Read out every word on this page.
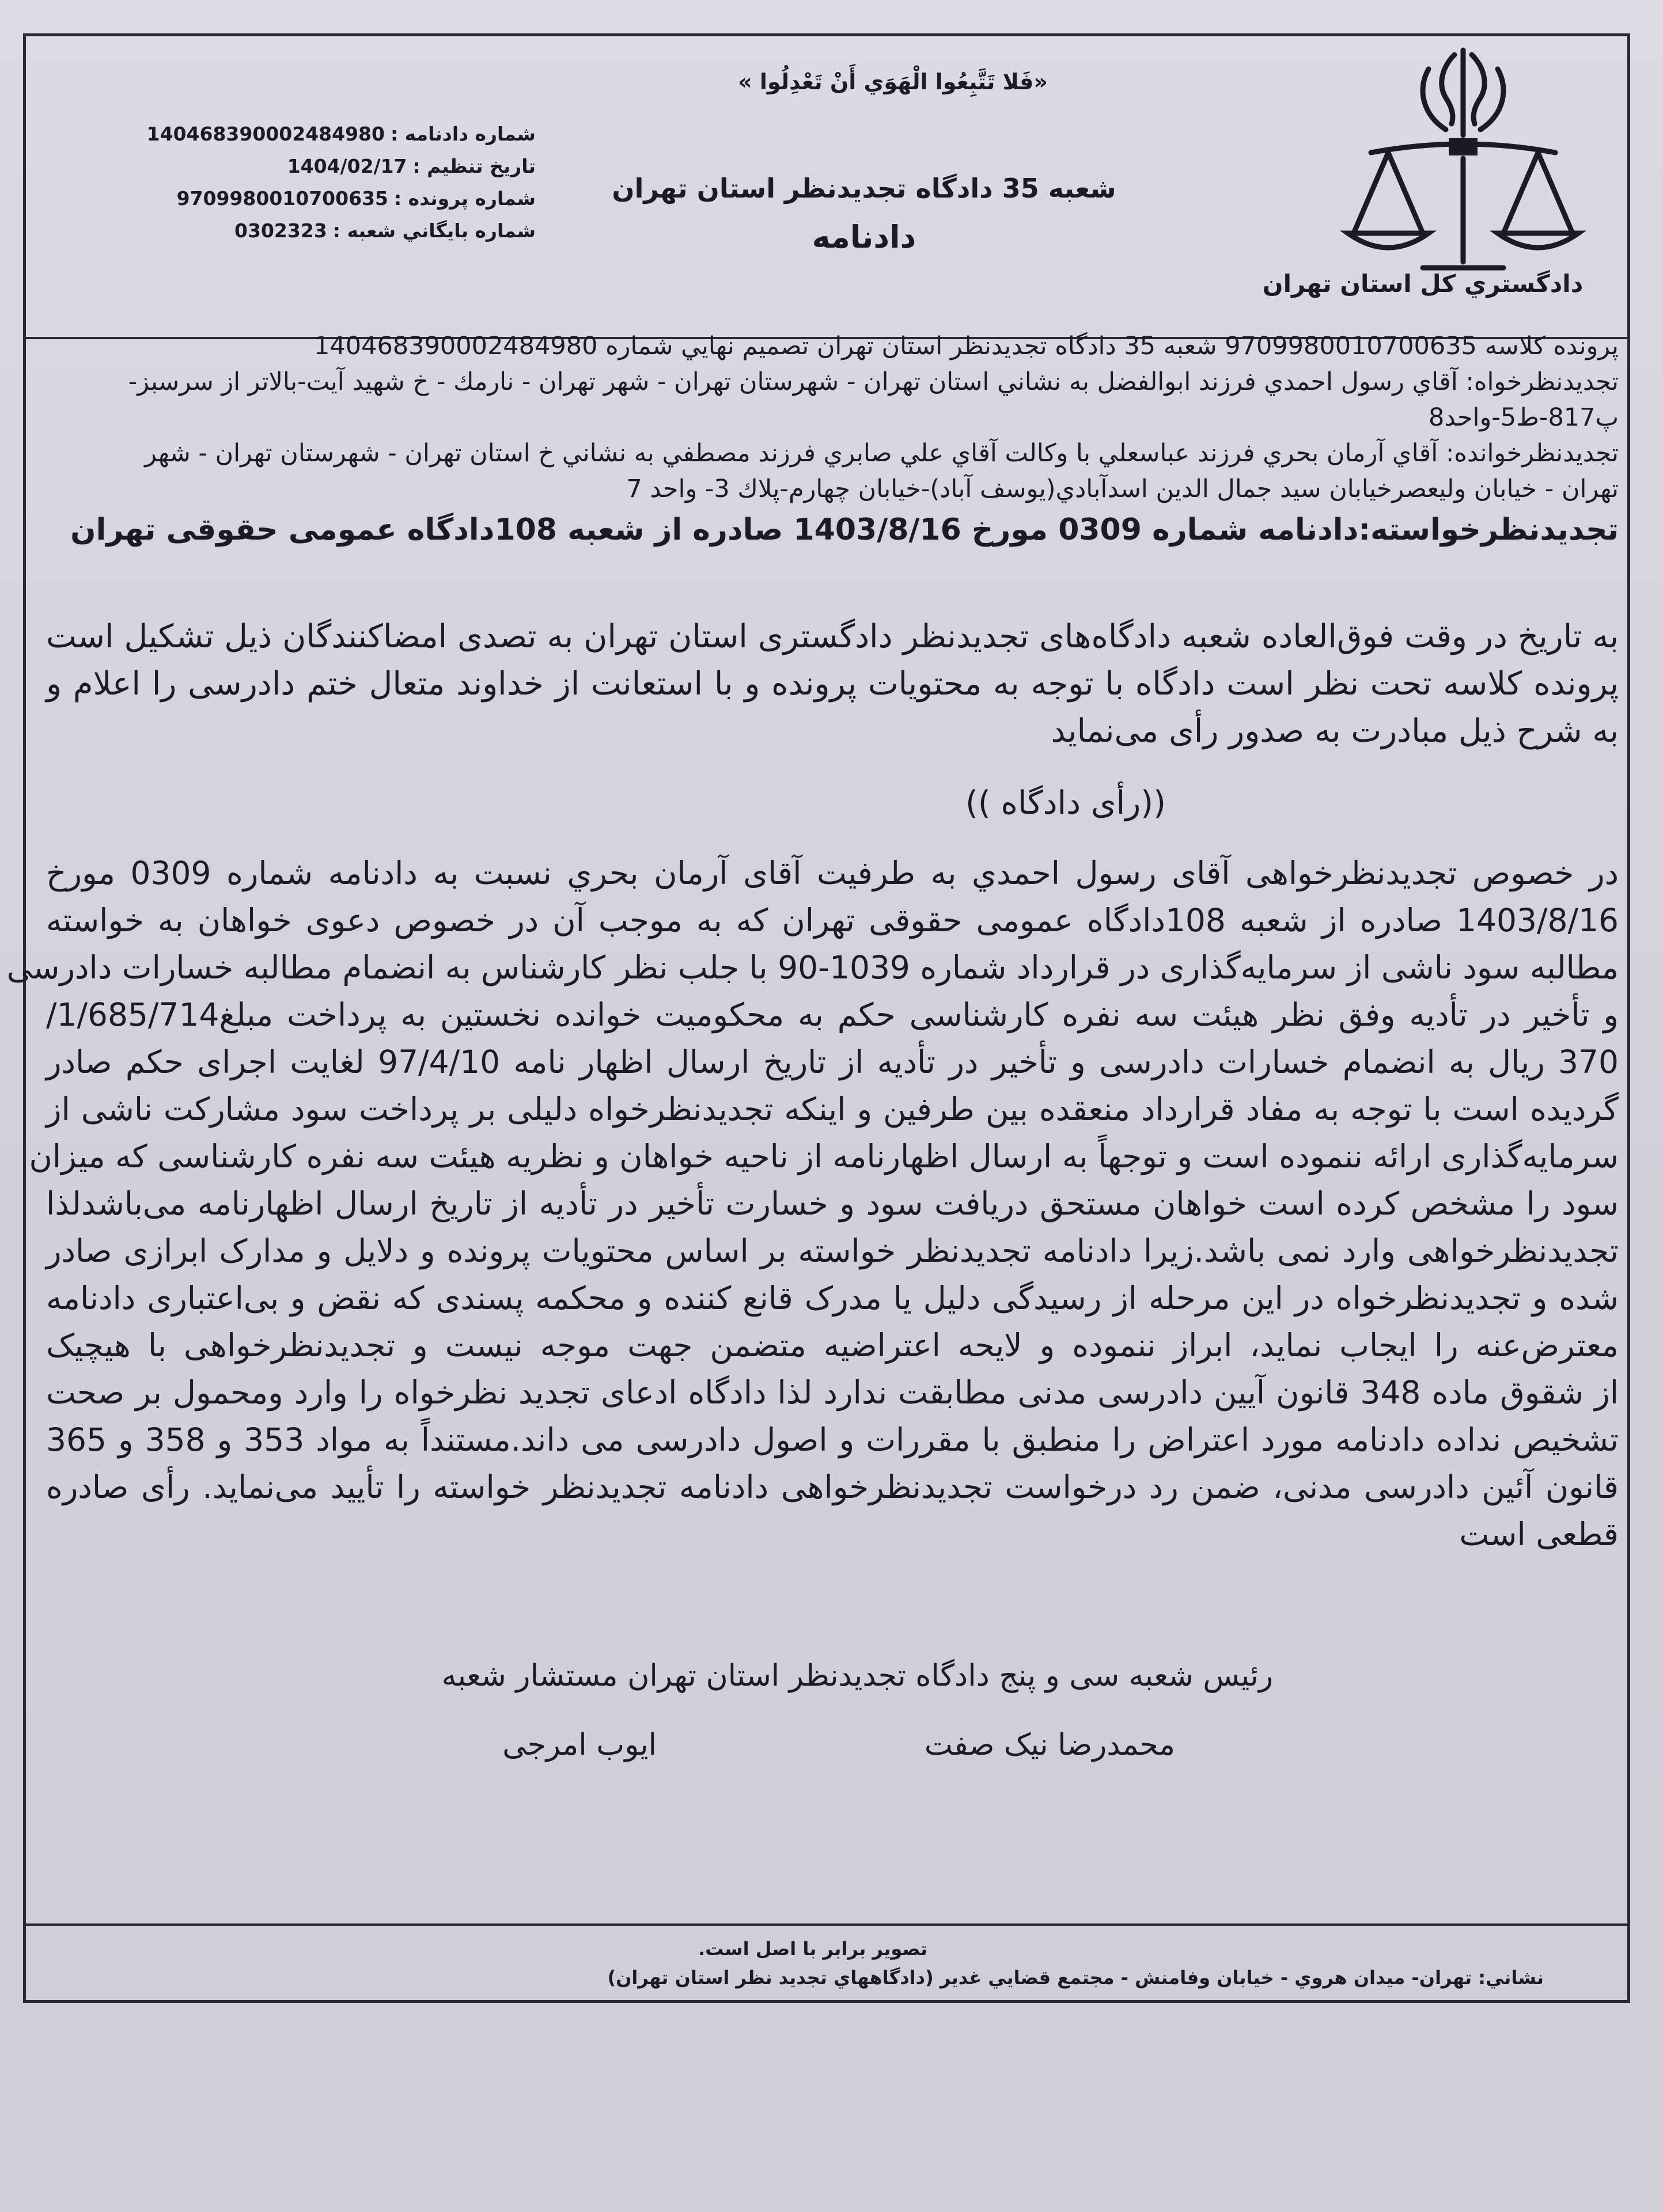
دادگستري کل استان تهران
«فَلا تَتَّبِعُوا الْهَوَي أَنْ تَعْدِلُوا »
شعبه 35 دادگاه تجديدنظر استان تهران
دادنامه
شماره دادنامه :
140468390002484980
تاريخ تنظيم :
1404/02/17
شماره پرونده :
9709980010700635
شماره بايگاني شعبه :
0302323
پرونده کلاسه 9709980010700635 شعبه 35 دادگاه تجديدنظر استان تهران تصميم نهايي شماره 140468390002484980
تجديدنظرخواه: آقاي رسول احمدي فرزند ابوالفضل به نشاني استان تهران - شهرستان تهران - شهر تهران - نارمك - خ شهيد آيت-بالاتر از سرسبز-
پ817-ط5-واحد8
تجديدنظرخوانده: آقاي آرمان بحري فرزند عباسعلي با وكالت آقاي علي صابري فرزند مصطفي به نشاني خ استان تهران - شهرستان تهران - شهر
تهران - خيابان وليعصرخيابان سيد جمال الدين اسدآبادي(يوسف آباد)-خيابان چهارم-پلاك 3- واحد 7
تجديدنظرخواسته:دادنامه شماره 0309 مورخ 1403/8/16 صادره از شعبه 108دادگاه عمومی حقوقی تهران
به تاريخ در وقت فوق‌العاده شعبه دادگاه‌های تجدیدنظر دادگستری استان تهران به تصدی امضاکنندگان ذیل تشکیل است پرونده کلاسه تحت نظر است دادگاه با توجه به محتویات پرونده و با استعانت از خداوند متعال ختم دادرسی را اعلام و به شرح ذیل مبادرت به صدور رأی می‌نماید
((رأی دادگاه ))
در خصوص تجدیدنظرخواهی آقای رسول احمدي به طرفیت آقای آرمان بحري نسبت به دادنامه شماره 0309 مورخ
1403/8/16 صادره از شعبه 108دادگاه عمومی حقوقی تهران که به موجب آن در خصوص دعوی خواهان به خواسته
مطالبه سود ناشی از سرمایه‌گذاری در قرارداد شماره 1039-90 با جلب نظر کارشناس به انضمام مطالبه خسارات دادرسی
و تأخیر در تأدیه وفق نظر هیئت سه نفره کارشناسی حکم به محکومیت خوانده نخستین به پرداخت مبلغ1/685/714/
370 ریال به انضمام خسارات دادرسی و تأخیر در تأدیه از تاریخ ارسال اظهار نامه 97/4/10 لغایت اجرای حکم صادر
گردیده است با توجه به مفاد قرارداد منعقده بین طرفین و اینکه تجدیدنظرخواه دلیلی بر پرداخت سود مشارکت ناشی از
سرمایه‌گذاری ارائه ننموده است و توجهاً به ارسال اظهارنامه از ناحیه خواهان و نظریه هیئت سه نفره کارشناسی که میزان
سود را مشخص کرده است خواهان مستحق دریافت سود و خسارت تأخیر در تأدیه از تاریخ ارسال اظهارنامه می‌باشدلذا
تجدیدنظرخواهی وارد نمی باشد.زیرا دادنامه تجدیدنظر خواسته بر اساس محتویات پرونده و دلایل و مدارک ابرازی صادر
شده و تجدیدنظرخواه در این مرحله از رسیدگی دلیل یا مدرک قانع کننده و محکمه پسندی که نقض و بی‌اعتباری دادنامه
معترض‌عنه را ایجاب نماید، ابراز ننموده و لایحه اعتراضیه متضمن جهت موجه نیست و تجدیدنظرخواهی با هیچیک
از شقوق ماده 348 قانون آیین دادرسی مدنی مطابقت ندارد لذا دادگاه ادعای تجدید نظرخواه را وارد ومحمول بر صحت
تشخیص نداده دادنامه مورد اعتراض را منطبق با مقررات و اصول دادرسی می داند.مستنداً به مواد 353 و 358 و 365
قانون آئین دادرسی مدنی، ضمن رد درخواست تجدیدنظرخواهی دادنامه تجدیدنظر خواسته را تأیید می‌نماید. رأی صادره
قطعی است
رئیس شعبه سی و پنج دادگاه تجدیدنظر استان تهران مستشار شعبه
محمدرضا نیک صفت
ایوب امرجی
تصوير برابر با اصل است.
نشاني: تهران- ميدان هروي - خيابان وفامنش - مجتمع قضايي غدير (دادگاههاي تجديد نظر استان تهران)
